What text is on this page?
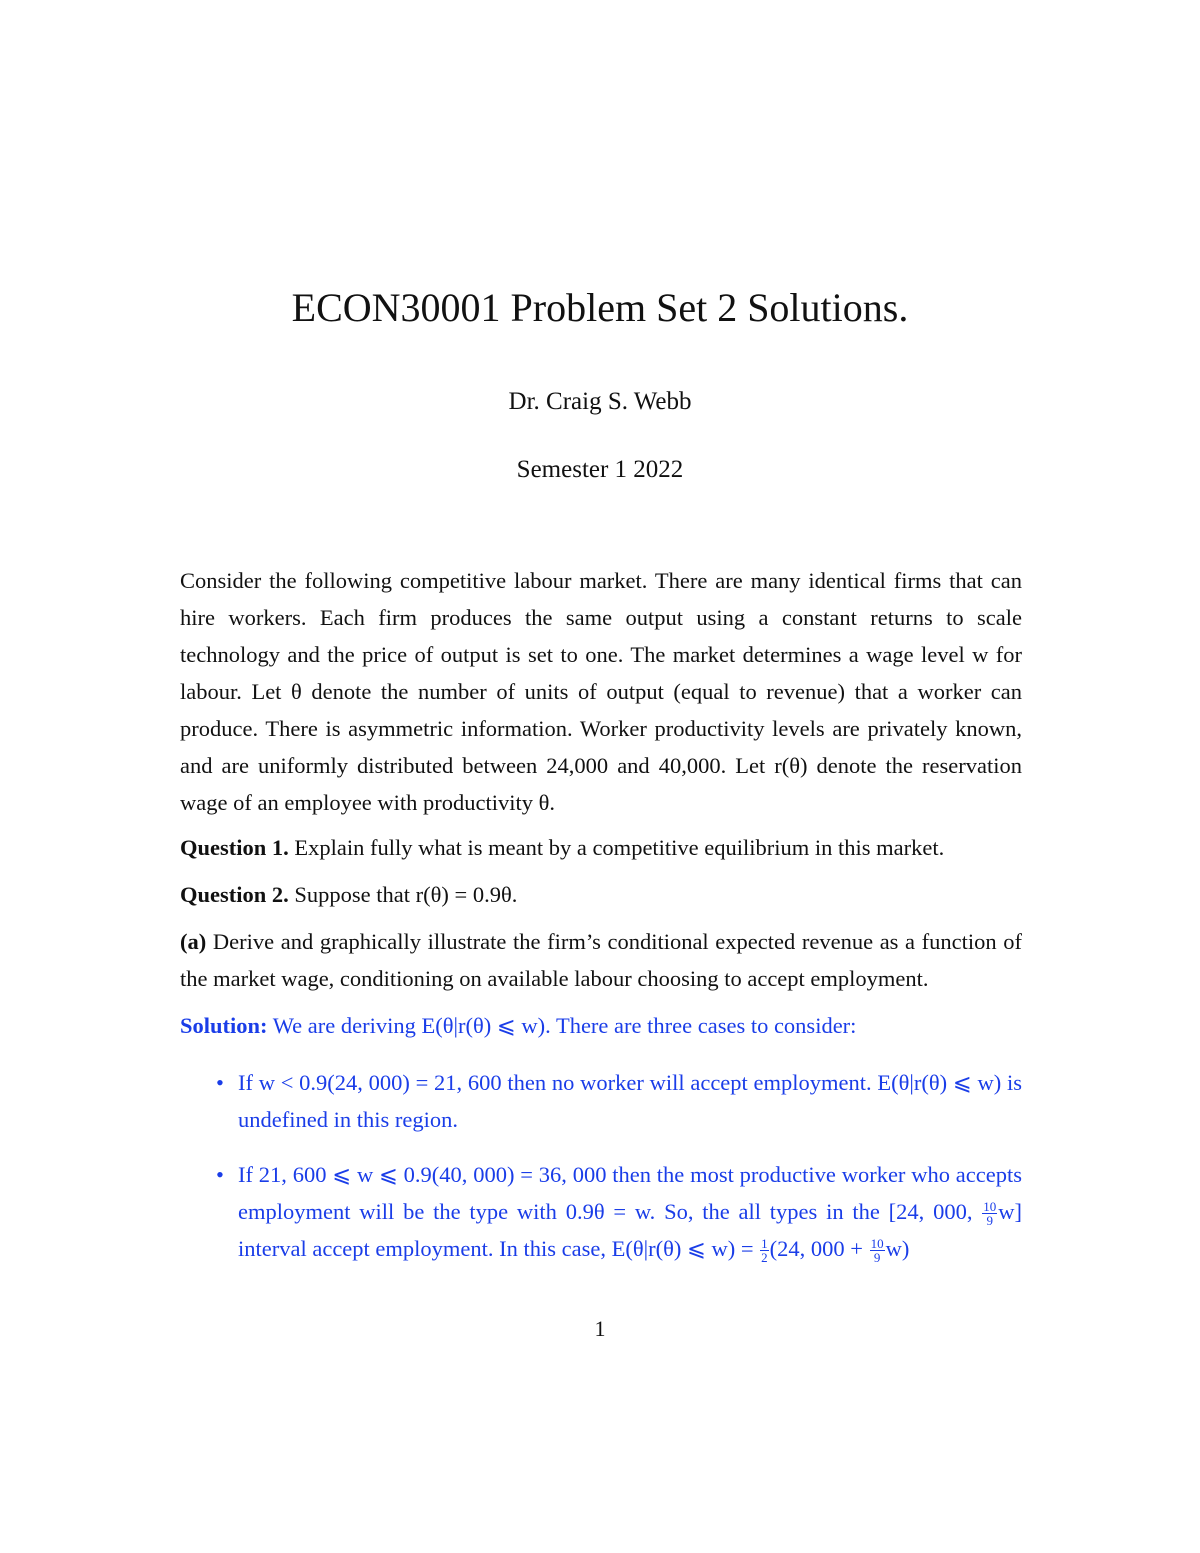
ECON30001 Problem Set 2 Solutions.
Dr. Craig S. Webb
Semester 1 2022

Consider the following competitive labour market. There are many identical firms that can hire workers. Each firm produces the same output using a constant returns to scale technology and the price of output is set to one. The market determines a wage level w for labour. Let θ denote the number of units of output (equal to revenue) that a worker can produce. There is asymmetric information. Worker productivity levels are privately known, and are uniformly distributed between 24,000 and 40,000. Let r(θ) denote the reservation wage of an employee with productivity θ.

Question 1. Explain fully what is meant by a competitive equilibrium in this market.

Question 2. Suppose that r(θ) = 0.9θ.

(a) Derive and graphically illustrate the firm’s conditional expected revenue as a function of the market wage, conditioning on available labour choosing to accept employment.

Solution: We are deriving E(θ|r(θ) ⩽ w). There are three cases to consider:

• If w < 0.9(24, 000) = 21, 600 then no worker will accept employment. E(θ|r(θ) ⩽ w) is undefined in this region.
• If 21, 600 ⩽ w ⩽ 0.9(40, 000) = 36, 000 then the most productive worker who accepts employment will be the type with 0.9θ = w. So, the all types in the [24, 000, $\frac{10}{9} w$] interval accept employment. In this case, E(θ|r(θ) ⩽ $w) = \frac{1}{2} (24$, $000 + \frac{10}{9} w$)
1
